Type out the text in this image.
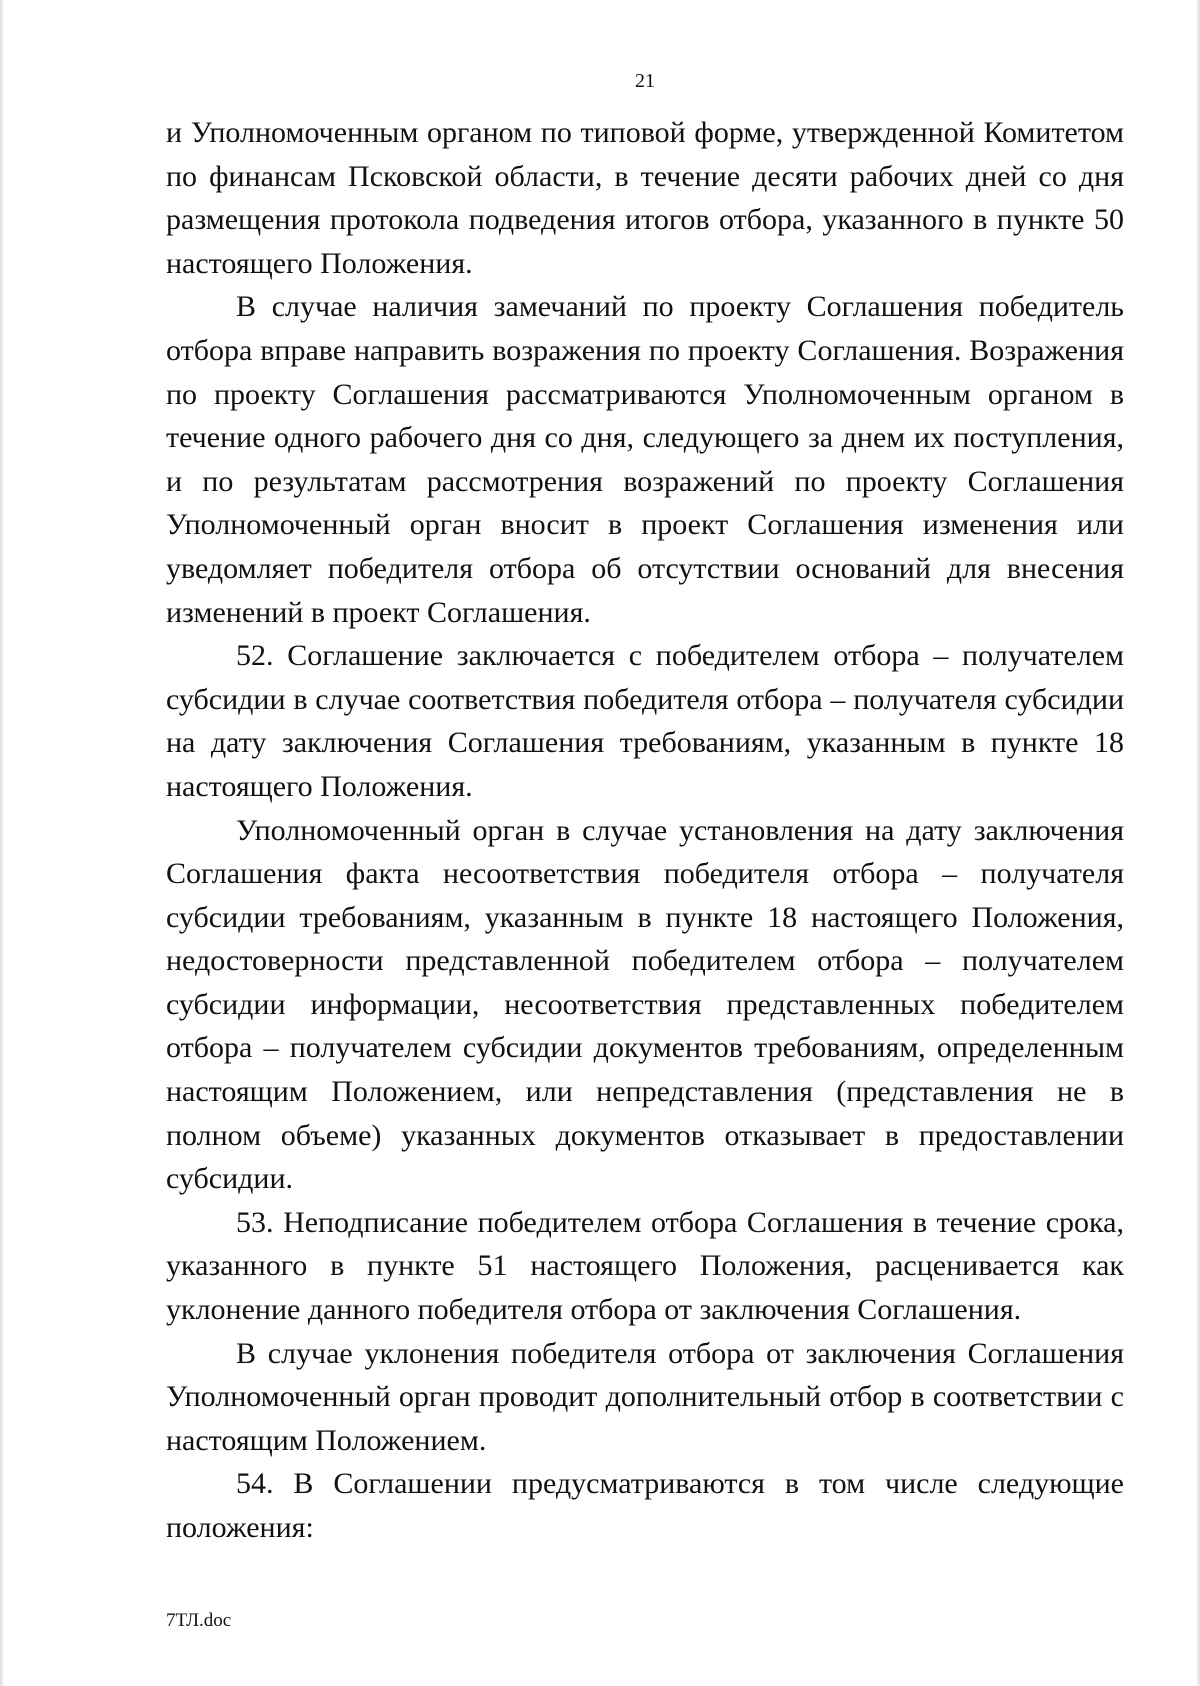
21

и Уполномоченным органом по типовой форме, утвержденной Комитетом по финансам Псковской области, в течение десяти рабочих дней со дня размещения протокола подведения итогов отбора, указанного в пункте 50 настоящего Положения.

В случае наличия замечаний по проекту Соглашения победитель отбора вправе направить возражения по проекту Соглашения. Возражения по проекту Соглашения рассматриваются Уполномоченным органом в течение одного рабочего дня со дня, следующего за днем их поступления, и по результатам рассмотрения возражений по проекту Соглашения Уполномоченный орган вносит в проект Соглашения изменения или уведомляет победителя отбора об отсутствии оснований для внесения изменений в проект Соглашения.

52. Соглашение заключается с победителем отбора – получателем субсидии в случае соответствия победителя отбора – получателя субсидии на дату заключения Соглашения требованиям, указанным в пункте 18 настоящего Положения.

Уполномоченный орган в случае установления на дату заключения Соглашения факта несоответствия победителя отбора – получателя субсидии требованиям, указанным в пункте 18 настоящего Положения, недостоверности представленной победителем отбора – получателем субсидии информации, несоответствия представленных победителем отбора – получателем субсидии документов требованиям, определенным настоящим Положением, или непредставления (представления не в полном объеме) указанных документов отказывает в предоставлении субсидии.

53. Неподписание победителем отбора Соглашения в течение срока, указанного в пункте 51 настоящего Положения, расценивается как уклонение данного победителя отбора от заключения Соглашения.

В случае уклонения победителя отбора от заключения Соглашения Уполномоченный орган проводит дополнительный отбор в соответствии с настоящим Положением.

54. В Соглашении предусматриваются в том числе следующие положения:

7ТЛ.doc
